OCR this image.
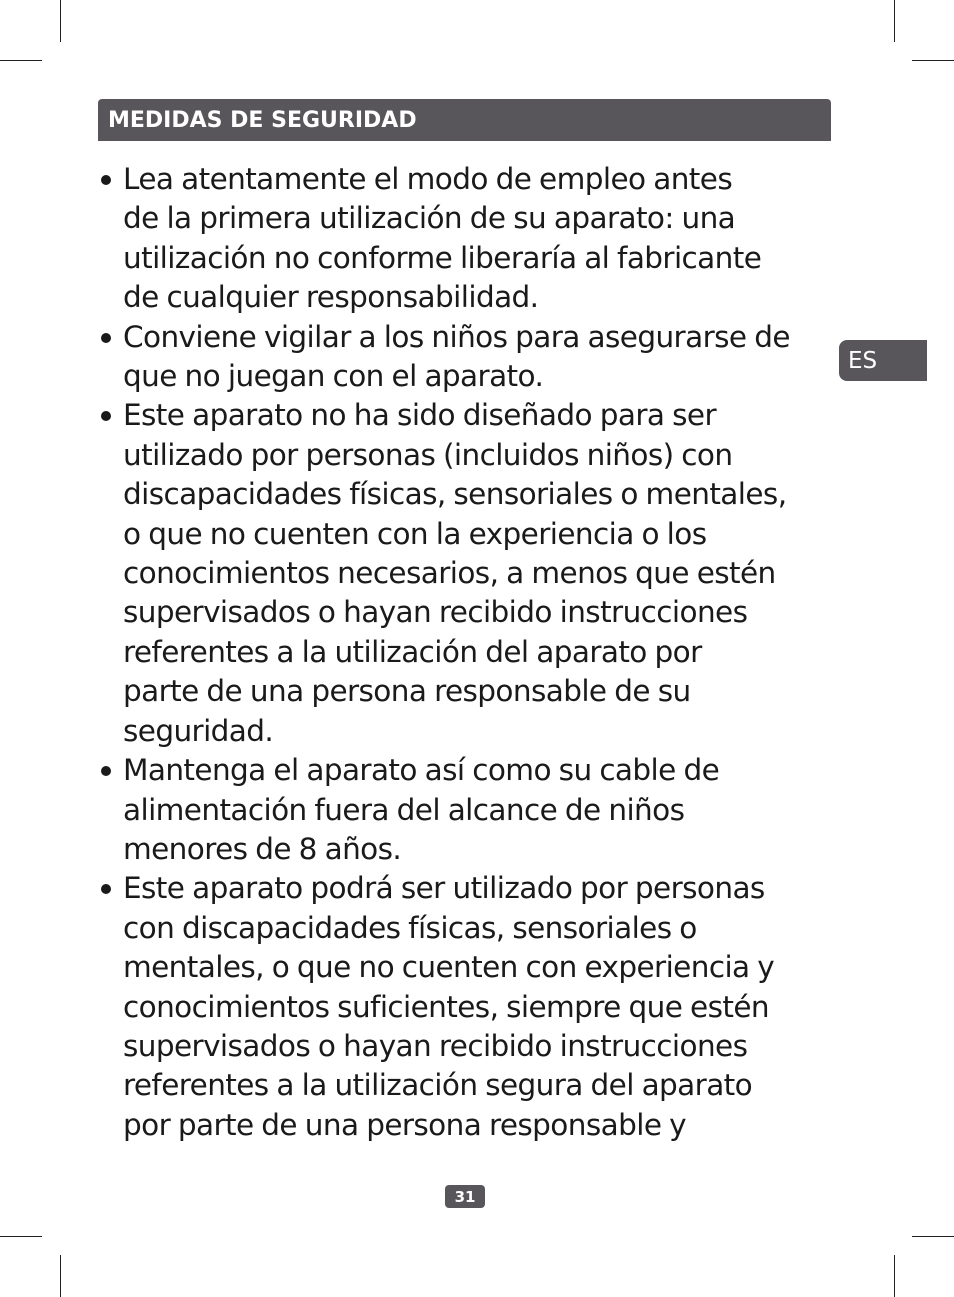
MEDIDAS DE SEGURIDAD
ES
Lea atentamente el modo de empleo antes
de la primera utilización de su aparato: una
utilización no conforme liberaría al fabricante
de cualquier responsabilidad.
Conviene vigilar a los niños para asegurarse de
que no juegan con el aparato.
Este aparato no ha sido diseñado para ser
utilizado por personas (incluidos niños) con
discapacidades físicas, sensoriales o mentales,
o que no cuenten con la experiencia o los
conocimientos necesarios, a menos que estén
supervisados o hayan recibido instrucciones
referentes a la utilización del aparato por
parte de una persona responsable de su
seguridad.
Mantenga el aparato así como su cable de
alimentación fuera del alcance de niños
menores de 8 años.
Este aparato podrá ser utilizado por personas
con discapacidades físicas, sensoriales o
mentales, o que no cuenten con experiencia y
conocimientos suficientes, siempre que estén
supervisados o hayan recibido instrucciones
referentes a la utilización segura del aparato
por parte de una persona responsable y
31
